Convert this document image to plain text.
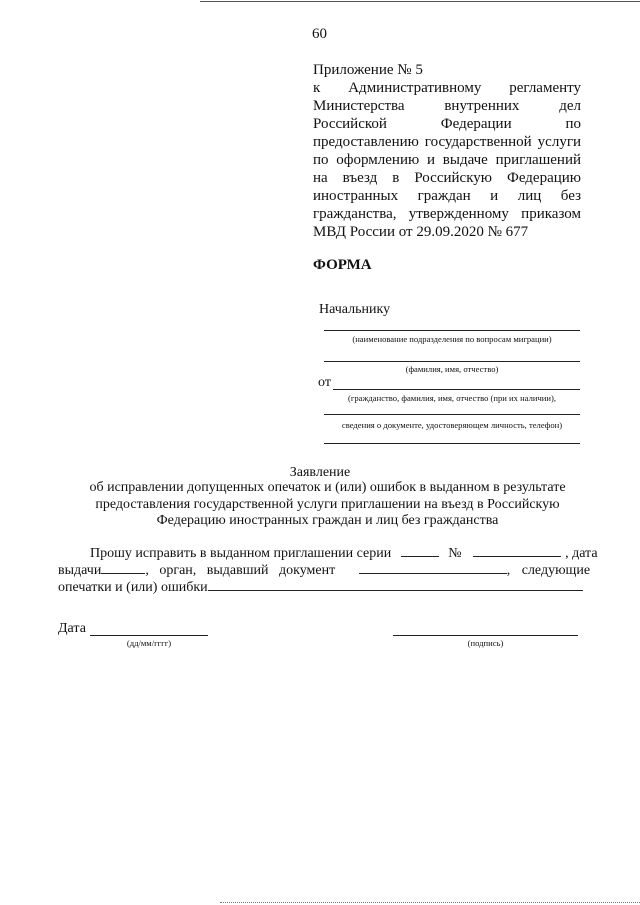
60
Приложение № 5
к Административному регламенту
Министерства внутренних дел
Российской Федерации по
предоставлению государственной услуги
по оформлению и выдаче приглашений
на въезд в Российскую Федерацию
иностранных граждан и лиц без
гражданства, утвержденному приказом
МВД России от 29.09.2020 № 677
ФОРМА
Начальнику
(наименование подразделения по вопросам миграции)
(фамилия, имя, отчество)
от
(гражданство, фамилия, имя, отчество (при их наличии),
сведения о документе, удостоверяющем личность, телефон)
Заявление
об исправлении допущенных опечаток и (или) ошибок в выданном в результате
предоставления государственной услуги приглашении на въезд в Российскую
Федерацию иностранных граждан и лиц без гражданства
Прошу исправить в выданном приглашении серии	№	, дата
выдачи	, орган, выдавший документ	, следующие
опечатки и (или) ошибки
Дата
(дд/мм/гггг)	(подпись)
